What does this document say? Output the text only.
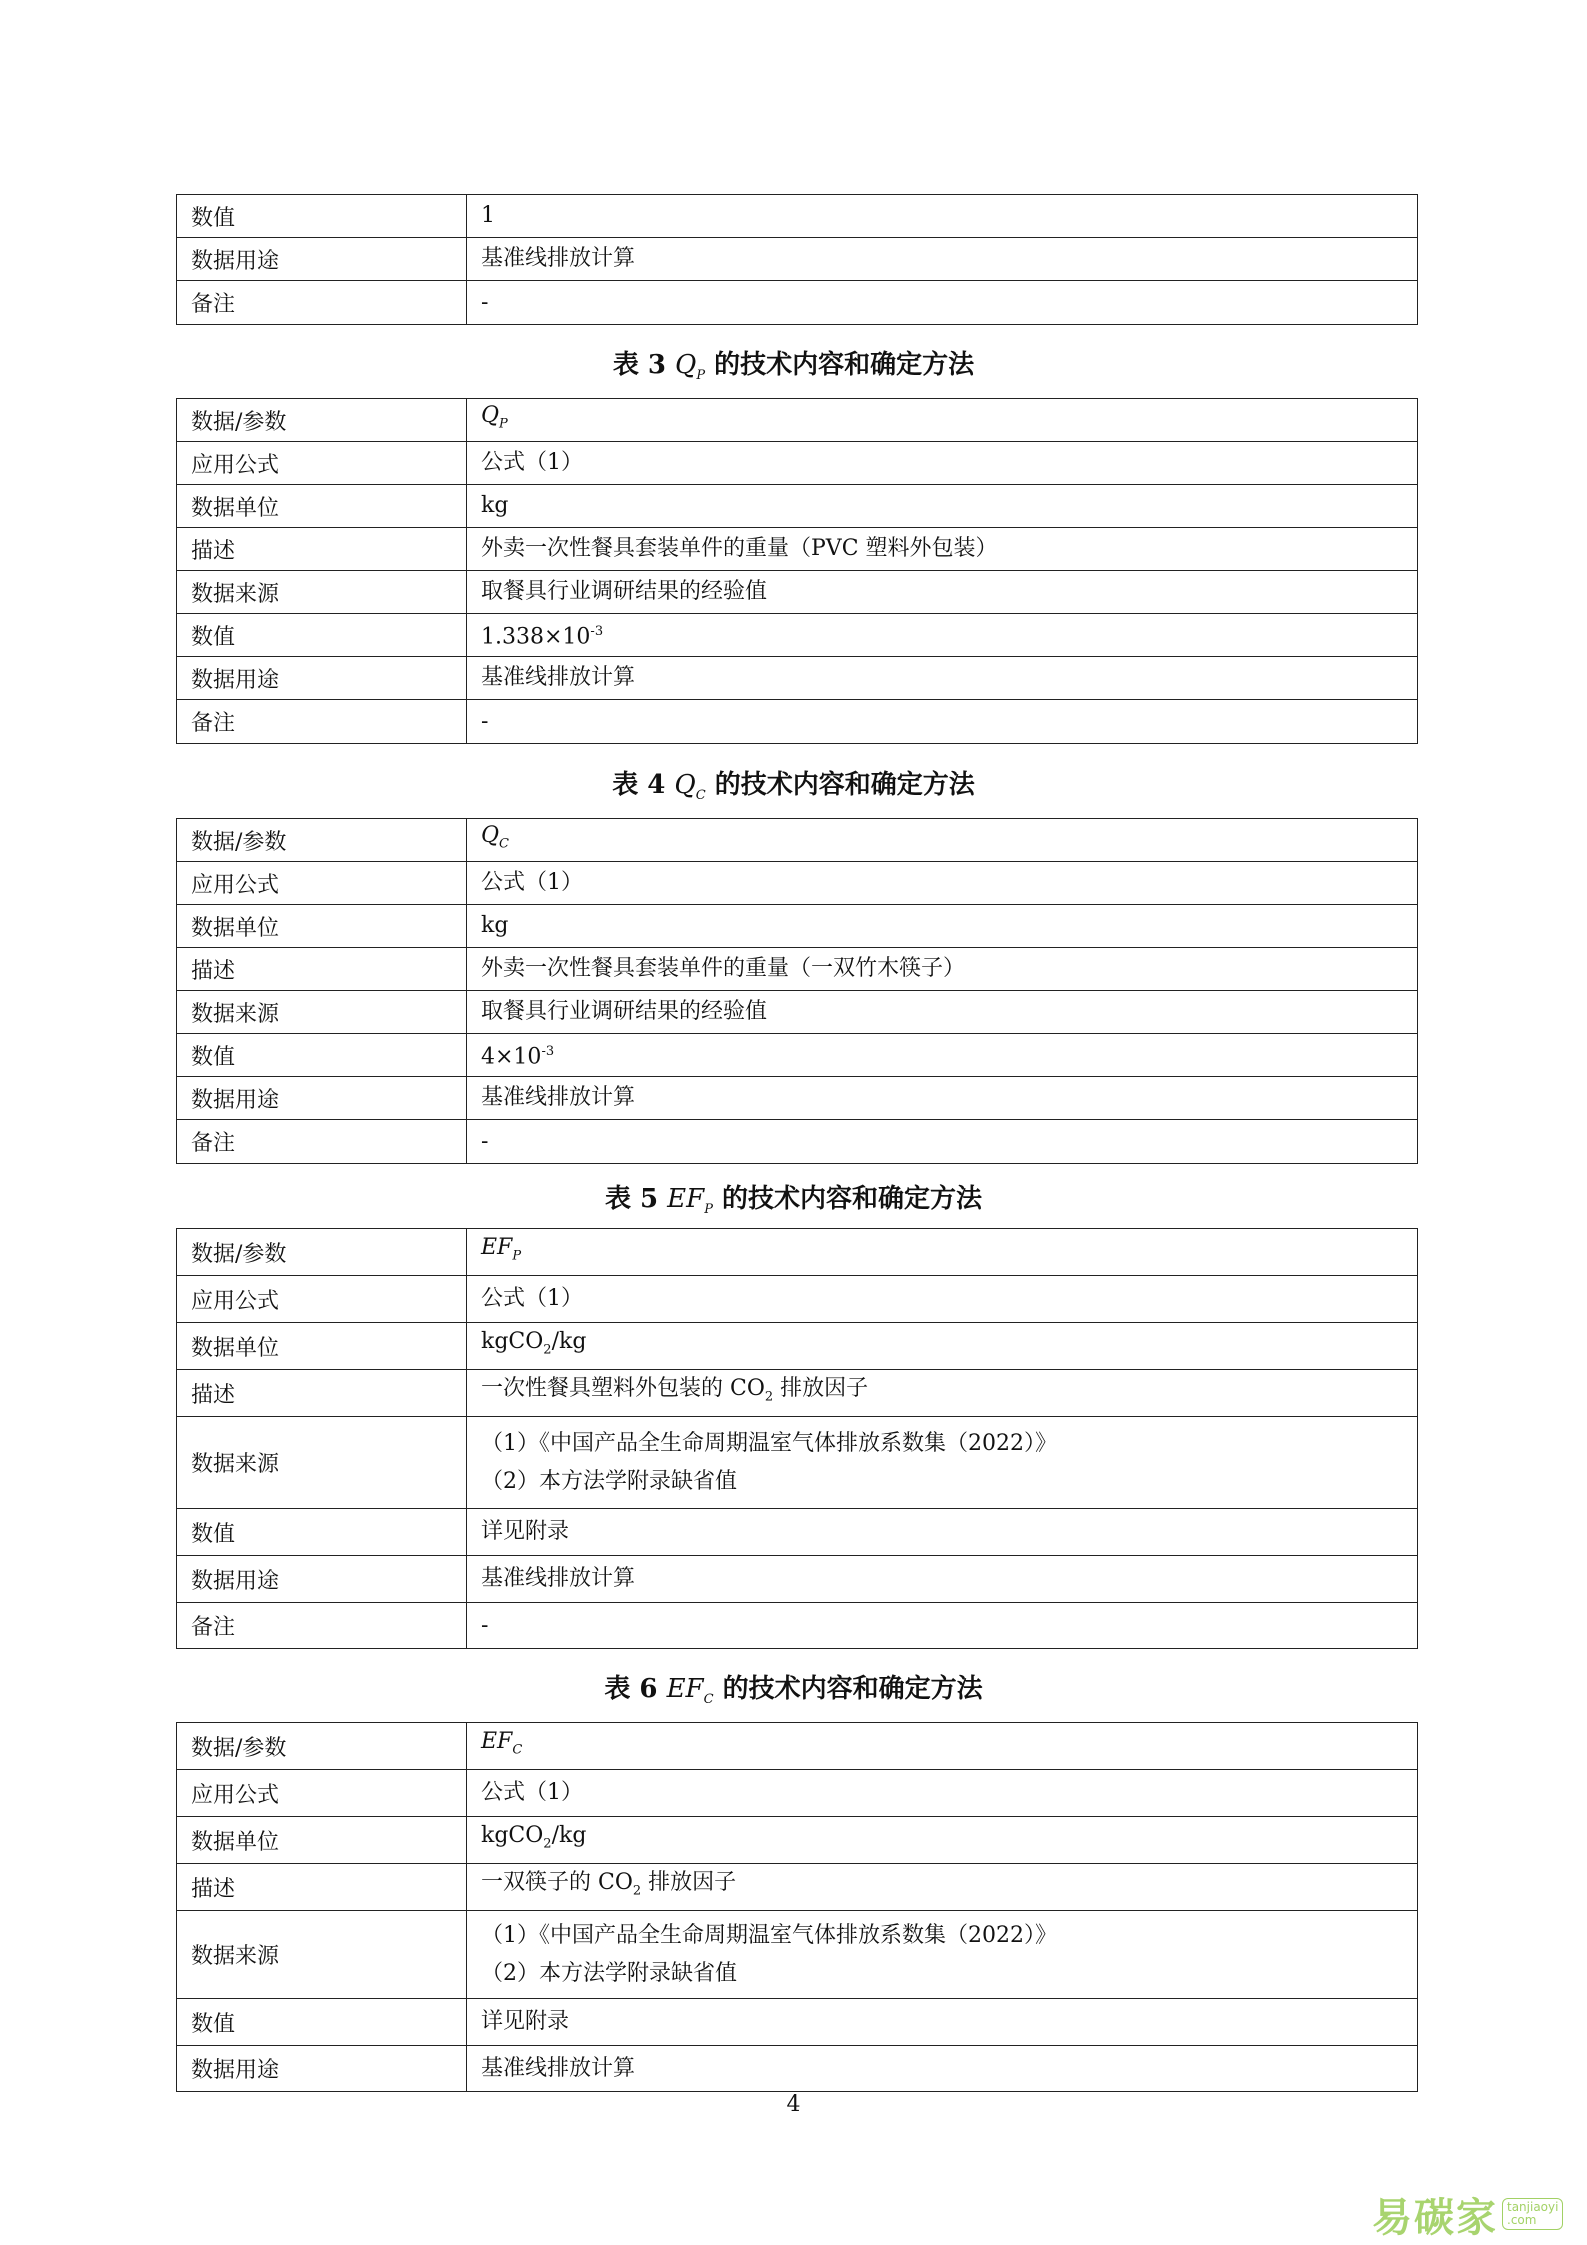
数值	1
数据用途	基准线排放计算
备注	-
表 3 $Q_P$ 的技术内容和确定方法
数据/参数	$Q_P$
应用公式	公式（1）
数据单位	kg
描述	外卖一次性餐具套装单件的重量（PVC 塑料外包装）
数据来源	取餐具行业调研结果的经验值
数值	$1.338\times 10^{-3}$
数据用途	基准线排放计算
备注	-
表 4 $Q_C$ 的技术内容和确定方法
数据/参数	$Q_C$
应用公式	公式（1）
数据单位	kg
描述	外卖一次性餐具套装单件的重量（一双竹木筷子）
数据来源	取餐具行业调研结果的经验值
数值	$4\times 10^{-3}$
数据用途	基准线排放计算
备注	-
表 5 $EF_P$ 的技术内容和确定方法
数据/参数	$EF_P$
应用公式	公式（1）
数据单位	kgCO$_2$/kg
描述	一次性餐具塑料外包装的 $CO_2$ 排放因子
数据来源
（1）《中国产品全生命周期温室气体排放系数集（2022）》
（2）本方法学附录缺省值
数值	详见附录
数据用途	基准线排放计算
备注	-
表 6 $EF_C$ 的技术内容和确定方法
数据/参数	$EF_C$
应用公式	公式（1）
数据单位	kgCO$_2$/kg
描述	一双筷子的 $CO_2$ 排放因子
数据来源
（1）《中国产品全生命周期温室气体排放系数集（2022）》
（2）本方法学附录缺省值
数值	详见附录
数据用途	基准线排放计算
4
易碳家 tanjiaoyi
.com
